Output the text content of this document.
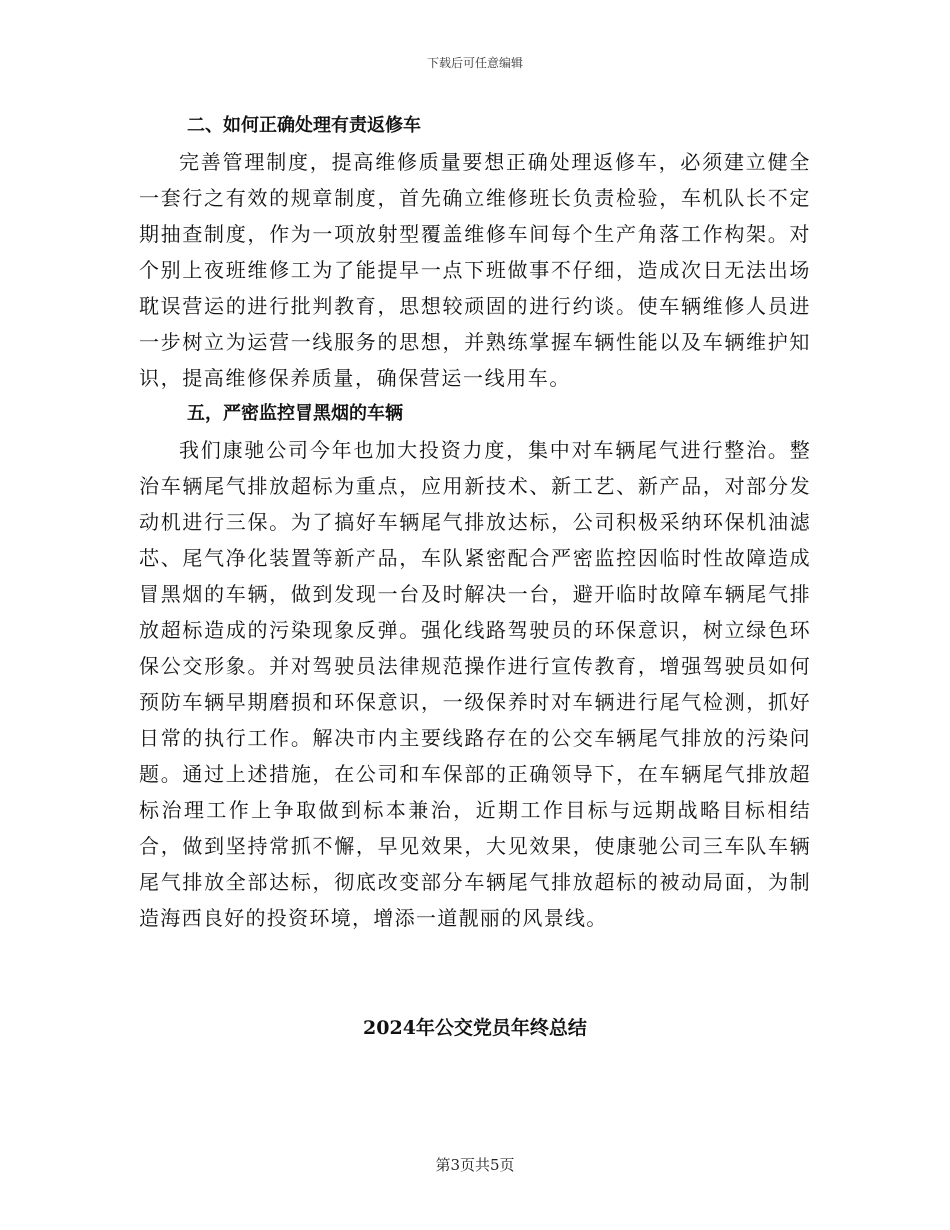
下载后可任意编辑
二、如何正确处理有责返修车

完善管理制度，提高维修质量要想正确处理返修车，必须建立健全一套行之有效的规章制度，首先确立维修班长负责检验，车机队长不定期抽查制度，作为一项放射型覆盖维修车间每个生产角落工作构架。对个别上夜班维修工为了能提早一点下班做事不仔细，造成次日无法出场耽误营运的进行批判教育，思想较顽固的进行约谈。使车辆维修人员进一步树立为运营一线服务的思想，并熟练掌握车辆性能以及车辆维护知识，提高维修保养质量，确保营运一线用车。

五，严密监控冒黑烟的车辆

我们康驰公司今年也加大投资力度，集中对车辆尾气进行整治。整治车辆尾气排放超标为重点，应用新技术、新工艺、新产品，对部分发动机进行三保。为了搞好车辆尾气排放达标，公司积极采纳环保机油滤芯、尾气净化装置等新产品，车队紧密配合严密监控因临时性故障造成冒黑烟的车辆，做到发现一台及时解决一台，避开临时故障车辆尾气排放超标造成的污染现象反弹。强化线路驾驶员的环保意识，树立绿色环保公交形象。并对驾驶员法律规范操作进行宣传教育，增强驾驶员如何预防车辆早期磨损和环保意识，一级保养时对车辆进行尾气检测，抓好日常的执行工作。解决市内主要线路存在的公交车辆尾气排放的污染问题。通过上述措施，在公司和车保部的正确领导下，在车辆尾气排放超标治理工作上争取做到标本兼治，近期工作目标与远期战略目标相结合，做到坚持常抓不懈，早见效果，大见效果，使康驰公司三车队车辆尾气排放全部达标，彻底改变部分车辆尾气排放超标的被动局面，为制造海西良好的投资环境，增添一道靓丽的风景线。

2024年公交党员年终总结
第3页共5页
